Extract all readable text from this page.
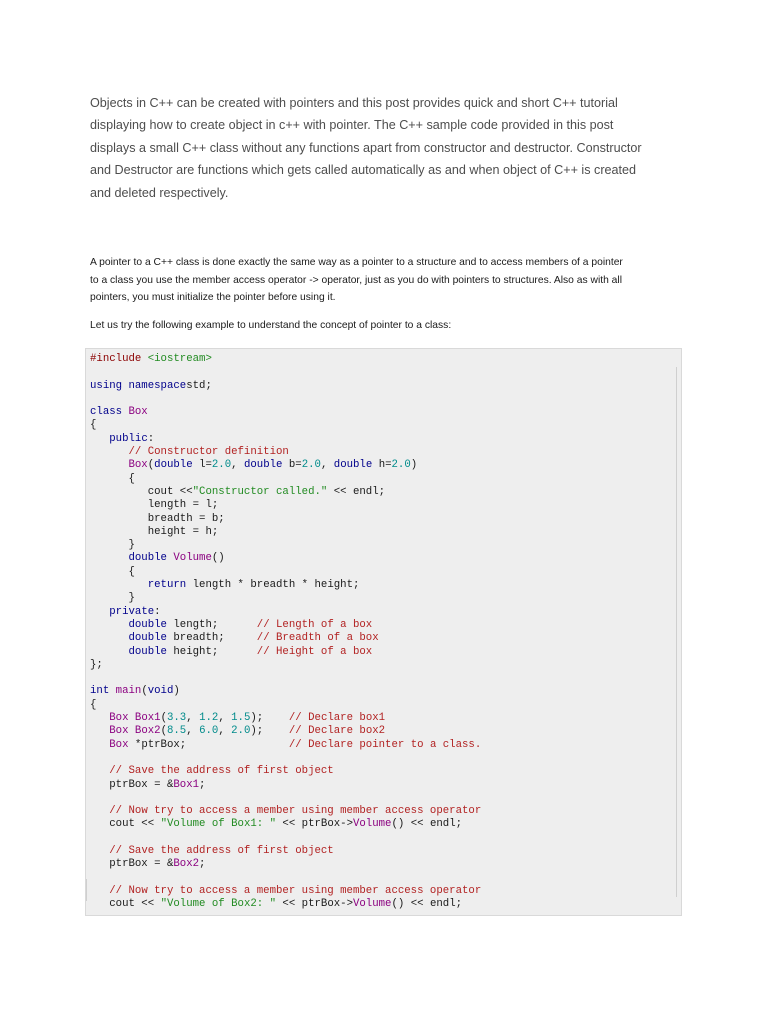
Objects in C++ can be created with pointers and this post provides quick and short C++ tutorial
displaying how to create object in c++ with pointer. The C++ sample code provided in this post
displays a small C++ class without any functions apart from constructor and destructor. Constructor
and Destructor are functions which gets called automatically as and when object of C++ is created
and deleted respectively.
A pointer to a C++ class is done exactly the same way as a pointer to a structure and to access members of a pointer
to a class you use the member access operator -> operator, just as you do with pointers to structures. Also as with all
pointers, you must initialize the pointer before using it.

Let us try the following example to understand the concept of pointer to a class:

#include <iostream>

using namespacestd;

class Box
{
public:
// Constructor definition
Box(double l=2.0, double b=2.0, double h=2.0)
{
cout <<"Constructor called." << endl;
length = l;
breadth = b;
height = h;
}
double Volume()
{
return length * breadth * height;
}
private:
double length;      // Length of a box
double breadth;     // Breadth of a box
double height;      // Height of a box
};

int main(void)
{
Box Box1(3.3, 1.2, 1.5);    // Declare box1
Box Box2(8.5, 6.0, 2.0);    // Declare box2
Box *ptrBox;                // Declare pointer to a class.

// Save the address of first object
ptrBox = &Box1;

// Now try to access a member using member access operator
cout << "Volume of Box1: " << ptrBox->Volume() << endl;

// Save the address of first object
ptrBox = &Box2;

// Now try to access a member using member access operator
cout << "Volume of Box2: " << ptrBox->Volume() << endl;
